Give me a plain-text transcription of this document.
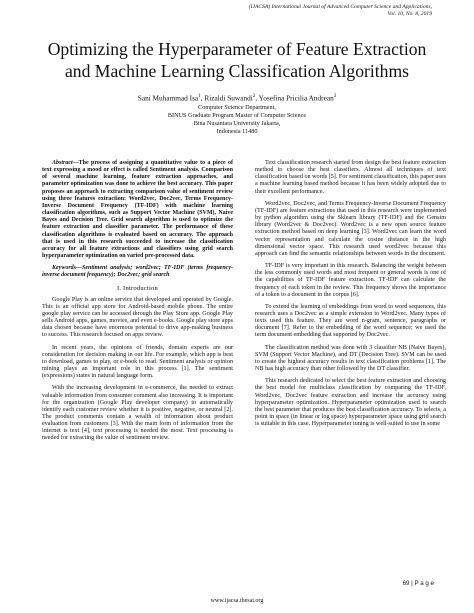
(IJACSA) International Journal of Advanced Computer Science and Applications,
Vol. 10, No. 8, 2019
Optimizing the Hyperparameter of Feature Extraction
and Machine Learning Classification Algorithms
Sani Muhammad Isa$^1$, Rizaldi Suwandi$^2$, Yosefina Pricilia Andrean$^3$
Computer Science Department,
BINUS Graduate Program Master of Computer Science
Bina Nusantara University Jakarta,
Indonesia 11480

Abstract—The process of assigning a quantitative value to a piece of text expressing a mood or effect is called Sentiment analysis. Comparison of several machine learning, feature extraction approaches, and parameter optimization was done to achieve the best accuracy. This paper proposes an approach to extracting comparison value of sentiment review using three features extraction: Word2vec, Doc2vec, Terms Frequency-Inverse Document Frequency (TF-IDF) with machine learning classification algorithms, such as Support Vector Machine (SVM), Naive Bayes and Decision Tree. Grid search algorithm is used to optimize the feature extraction and classifier parameter. The performance of these classification algorithms is evaluated based on accuracy. The approach that is used in this research succeeded to increase the classification accuracy for all feature extractions and classifiers using grid search hyperparameter optimization on varied pre-processed data.

Keywords—Sentiment analysis; word2vec; TF-IDF (terms frequency-inverse document frequency); Doc2vec; grid search

I. Introduction

Google Play is an online service that developed and operated by Google. This is an official app store for Android-based mobile phone. The entire google play service can be accessed through the Play Store app. Google Play sells Android apps, games, movies, and even e-books. Google play store apps data chosen because have enormous potential to drive app-making business to success. This research focused on apps review.

In recent years, the opinions of friends, domain experts are our consideration for decision making in our life. For example, which app is best to download, games to play, or e-book to read. Sentiment analysis or opinion mining plays an important role in this process [1]. The sentiment (expressions) states in natural language form.

With the increasing development in e-commerce, the needed to extract valuable information from consumer comment also increasing. It is important for the organization (Google Play developer company) to automatically identify each customer review whether it is positive, negative, or neutral [2]. The product comments contain a wealth of information about product evaluation from customers [3]. With the main form of information from the internet is text [4], text processing is needed the most. Text processing is needed for extracting the value of sentiment review.

Text classification research started from design the best feature extraction method to choose the best classifiers. Almost all techniques of text classification based on words [5]. For sentiment classification, this paper uses a machine learning based method because it has been widely adopted due to their excellent performance.

Word2vec, Doc2vec, and Terms Frequency-Inverse Document Frequency (TF-IDF) are feature extractions that used in this research were implemented by python algorithm using the Sklearn library (TF-IDF) and the Gensim library (Word2vec & Doc2vec). Word2vec is a new open source feature extraction method based on deep learning [3]. Word2vec can learn the word vector representation and calculate the cosine distance in the high dimensional vector space. This research used word2vec because this approach can find the semantic relationships between words in the document.

TF-IDF is very important in this research. Balancing the weight between the less commonly used words and most frequent or general words is one of the capabilities of TF-IDF feature extraction. TF-IDF can calculate the frequency of each token in the review. This frequency shows the importance of a token to a document in the corpus [6].

To extend the learning of embeddings from word to word sequences, this research uses a Doc2vec as a simple extension to Word2vec. Many types of texts used this feature. They are word n-gram, sentence, paragraphs or document [7]. Refer to the embedding of the word sequence; we used the term document embedding that supported by Doc2vec.

The classification method was done with 3 classifier NB (Naive Bayes), SVM (Support Vector Machine), and DT (Decision Tree). SVM can be used to create the highest accuracy results in text classification problems [1]. The NB has high accuracy than other followed by the DT classifier.

This research dedicated to select the best feature extraction and choosing the best model for multiclass classification by comparing the TF-IDF, Word2vec, Doc2vec feature extraction and increase the accuracy using hyperparameter optimization. Hyperparameter optimization used to search the best parameter that produces the best classification accuracy. To selects, a point in space (in linear or log space) hyperparameter space using grid search is suitable in this case. Hyperparameter tuning is well-suited to use in some

69 | P a g e
www.ijacsa.thesai.org
